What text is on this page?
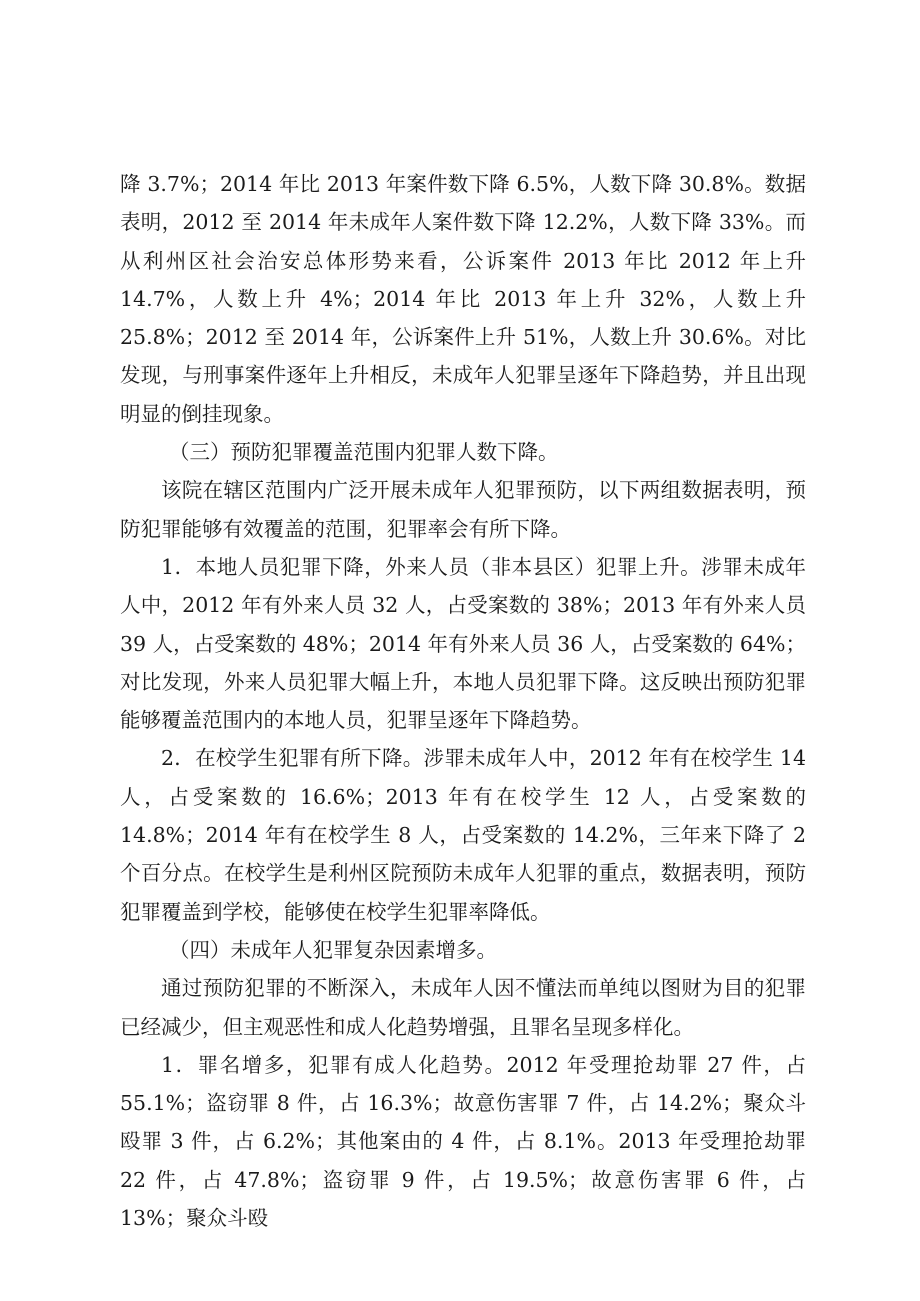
降 3.7%；2014 年比 2013 年案件数下降 6.5%，人数下降 30.8%。数据表明，2012 至 2014 年未成年人案件数下降 12.2%，人数下降 33%。而从利州区社会治安总体形势来看，公诉案件 2013 年比 2012 年上升 14.7%，人数上升 4%；2014 年比 2013 年上升 32%，人数上升 25.8%；2012 至 2014 年，公诉案件上升 51%，人数上升 30.6%。对比发现，与刑事案件逐年上升相反，未成年人犯罪呈逐年下降趋势，并且出现明显的倒挂现象。

（三）预防犯罪覆盖范围内犯罪人数下降。

该院在辖区范围内广泛开展未成年人犯罪预防，以下两组数据表明，预防犯罪能够有效覆盖的范围，犯罪率会有所下降。

1．本地人员犯罪下降，外来人员（非本县区）犯罪上升。涉罪未成年人中，2012 年有外来人员 32 人，占受案数的 38%；2013 年有外来人员 39 人，占受案数的 48%；2014 年有外来人员 36 人，占受案数的 64%；对比发现，外来人员犯罪大幅上升，本地人员犯罪下降。这反映出预防犯罪能够覆盖范围内的本地人员，犯罪呈逐年下降趋势。

2．在校学生犯罪有所下降。涉罪未成年人中，2012 年有在校学生 14 人，占受案数的 16.6%；2013 年有在校学生 12 人，占受案数的 14.8%；2014 年有在校学生 8 人，占受案数的 14.2%，三年来下降了 2 个百分点。在校学生是利州区院预防未成年人犯罪的重点，数据表明，预防犯罪覆盖到学校，能够使在校学生犯罪率降低。

（四）未成年人犯罪复杂因素增多。

通过预防犯罪的不断深入，未成年人因不懂法而单纯以图财为目的犯罪已经减少，但主观恶性和成人化趋势增强，且罪名呈现多样化。

1．罪名增多，犯罪有成人化趋势。2012 年受理抢劫罪 27 件，占 55.1%；盗窃罪 8 件，占 16.3%；故意伤害罪 7 件，占 14.2%；聚众斗殴罪 3 件，占 6.2%；其他案由的 4 件，占 8.1%。2013 年受理抢劫罪 22 件，占 47.8%；盗窃罪 9 件，占 19.5%；故意伤害罪 6 件，占 13%；聚众斗殴
